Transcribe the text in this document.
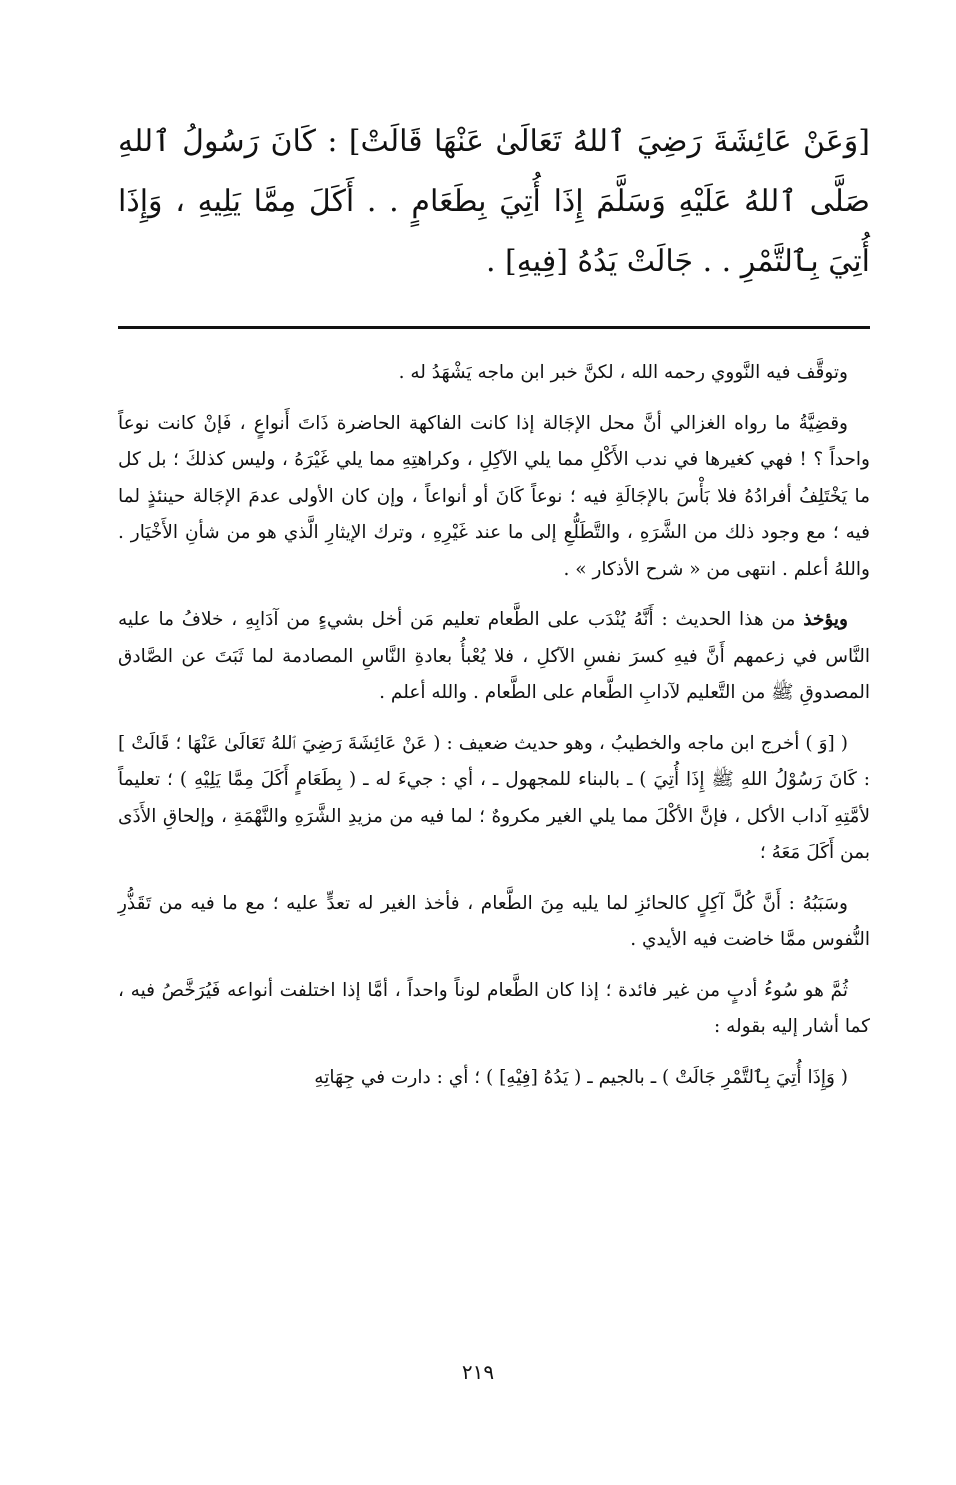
[وَعَنْ عَائِشَةَ رَضِيَ ٱللهُ تَعَالَىٰ عَنْهَا قَالَتْ] : كَانَ رَسُولُ ٱللهِ صَلَّى ٱللهُ عَلَيْهِ وَسَلَّمَ إِذَا أُتِيَ بِطَعَامٍ . . أَكَلَ مِمَّا يَلِيهِ ، وَإِذَا أُتِيَ بِٱلتَّمْرِ . . جَالَتْ يَدُهُ [فِيهِ] .

وتوقَّف فيه النَّووي رحمه الله ، لكنَّ خبر ابن ماجه يَشْهَدُ له .

وقضِيَّةُ ما رواه الغزالي أنَّ محل الإجَالة إذا كانت الفاكهة الحاضرة ذَاتَ أَنواعٍ ، فَإنْ كانت نوعاً واحداً ؟ ! فهي كغيرها في ندب الأَكْلِ مما يلي الآكِلِ ، وكراهتِهِ مما يلي غَيْرَهُ ، وليس كذلكَ ؛ بل كل ما يَخْتَلِفُ أفرادُهُ فلا بَأْسَ بالإجَالَةِ فيه ؛ نوعاً كَانَ أو أنواعاً ، وإن كان الأولى عدمَ الإجَالة حينئذٍ لما فيه ؛ مع وجود ذلك من الشَّرَهِ ، والتَّطَلُّعِ إلى ما عند غَيْرِهِ ، وترك الإيثارِ الَّذي هو من شأنِ الأَخْيَار . واللهُ أعلم . انتهى من « شرح الأذكار » .

ويؤخذ من هذا الحديث : أَنَّهُ يُنْدَب على الطَّعام تعليم مَن أخل بشيءٍ من آدَابِهِ ، خلافُ ما عليه النَّاس في زعمهم أَنَّ فيهِ كسرَ نفسِ الآكلِ ، فلا يُعْبأُ بعادةِ النَّاسِ المصادمة لما ثَبَتَ عن الصَّادق المصدوقِ ﷺ من التَّعليم لآدابِ الطَّعام على الطَّعام . والله أعلم .

( [وَ ) أخرج ابن ماجه والخطيبُ ، وهو حديث ضعيف : ( عَنْ عَائِشَةَ رَضِيَ ٱللهُ تَعَالَىٰ عَنْهَا ؛ قَالَتْ ] : كَانَ رَسُوْلُ اللهِ ﷺ إِذَا أُتِيَ ) ـ بالبناء للمجهول ـ ، أي : جيءَ له ـ ( بِطَعَامٍ أَكَلَ مِمَّا يَلِيْهِ ) ؛ تعليماً لأمَّتِهِ آداب الأكل ، فإنَّ الأكْلَ مما يلي الغير مكروهٌ ؛ لما فيه من مزيدِ الشَّرَهِ والنَّهْمَةِ ، وإلحاقِ الأَذَى بمن أَكَلَ مَعَهُ ؛

وسَبَبُهُ : أَنَّ كُلَّ آكِلٍ كالحائزِ لما يليه مِنَ الطَّعام ، فأخذ الغير له تعدٍّ عليه ؛ مع ما فيه من تَقَذُّرِ النُّفوس ممَّا خاضت فيه الأيدي .

ثُمَّ هو سُوءُ أدبٍ من غير فائدة ؛ إذا كان الطَّعام لوناً واحداً ، أمَّا إذا اختلفت أنواعه فَيُرَخَّصُ فيه ، كما أشار إليه بقوله :

( وَإِذَا أُتِيَ بِٱلتَّمْرِ جَالَتْ ) ـ بالجيم ـ ( يَدُهُ [فِيْهِ] ) ؛ أي : دارت في جِهَاتِهِ

٢١٩
